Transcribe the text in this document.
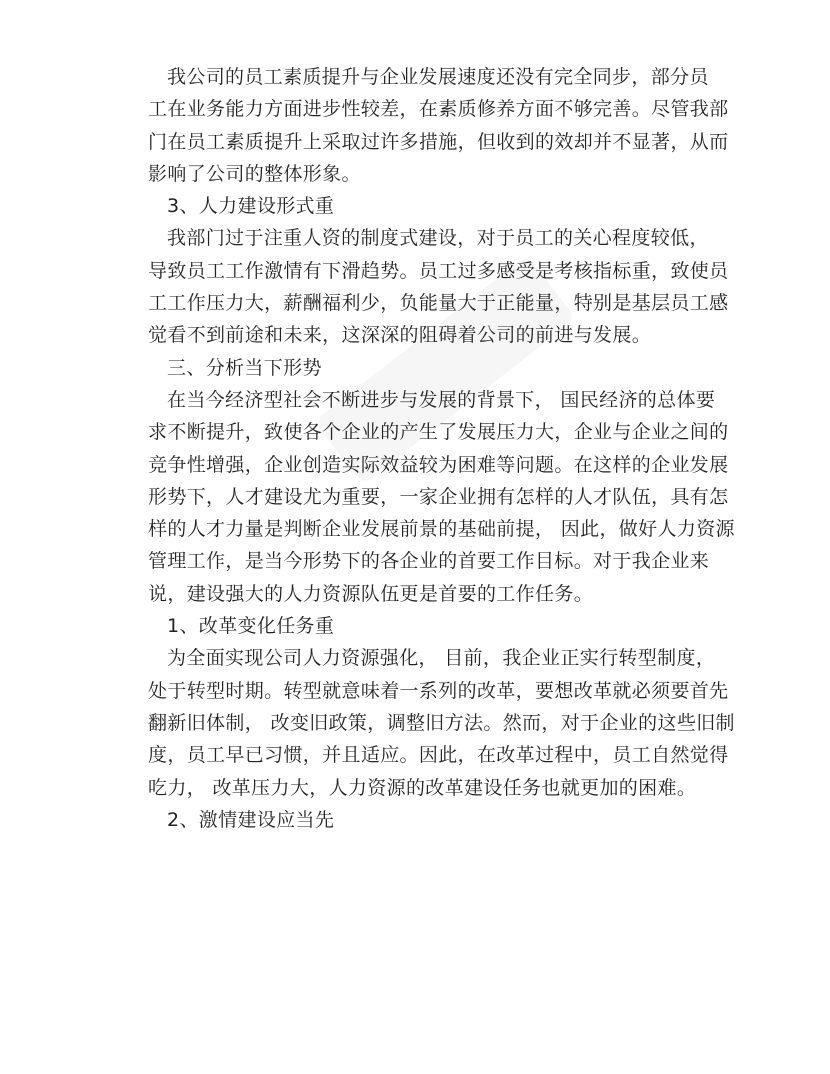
我公司的员工素质提升与企业发展速度还没有完全同步，部分员
工在业务能力方面进步性较差，在素质修养方面不够完善。尽管我部
门在员工素质提升上采取过许多措施，但收到的效却并不显著，从而
影响了公司的整体形象。
3、人力建设形式重
我部门过于注重人资的制度式建设，对于员工的关心程度较低，
导致员工工作激情有下滑趋势。员工过多感受是考核指标重，致使员
工工作压力大，薪酬福利少，负能量大于正能量，特别是基层员工感
觉看不到前途和未来，这深深的阻碍着公司的前进与发展。
三、分析当下形势
在当今经济型社会不断进步与发展的背景下， 国民经济的总体要
求不断提升，致使各个企业的产生了发展压力大，企业与企业之间的
竞争性增强，企业创造实际效益较为困难等问题。在这样的企业发展
形势下，人才建设尤为重要，一家企业拥有怎样的人才队伍，具有怎
样的人才力量是判断企业发展前景的基础前提， 因此，做好人力资源
管理工作，是当今形势下的各企业的首要工作目标。对于我企业来
说，建设强大的人力资源队伍更是首要的工作任务。
1、改革变化任务重
为全面实现公司人力资源强化， 目前，我企业正实行转型制度，
处于转型时期。转型就意味着一系列的改革，要想改革就必须要首先
翻新旧体制， 改变旧政策，调整旧方法。然而，对于企业的这些旧制
度，员工早已习惯，并且适应。因此，在改革过程中，员工自然觉得
吃力， 改革压力大，人力资源的改革建设任务也就更加的困难。
2、激情建设应当先
